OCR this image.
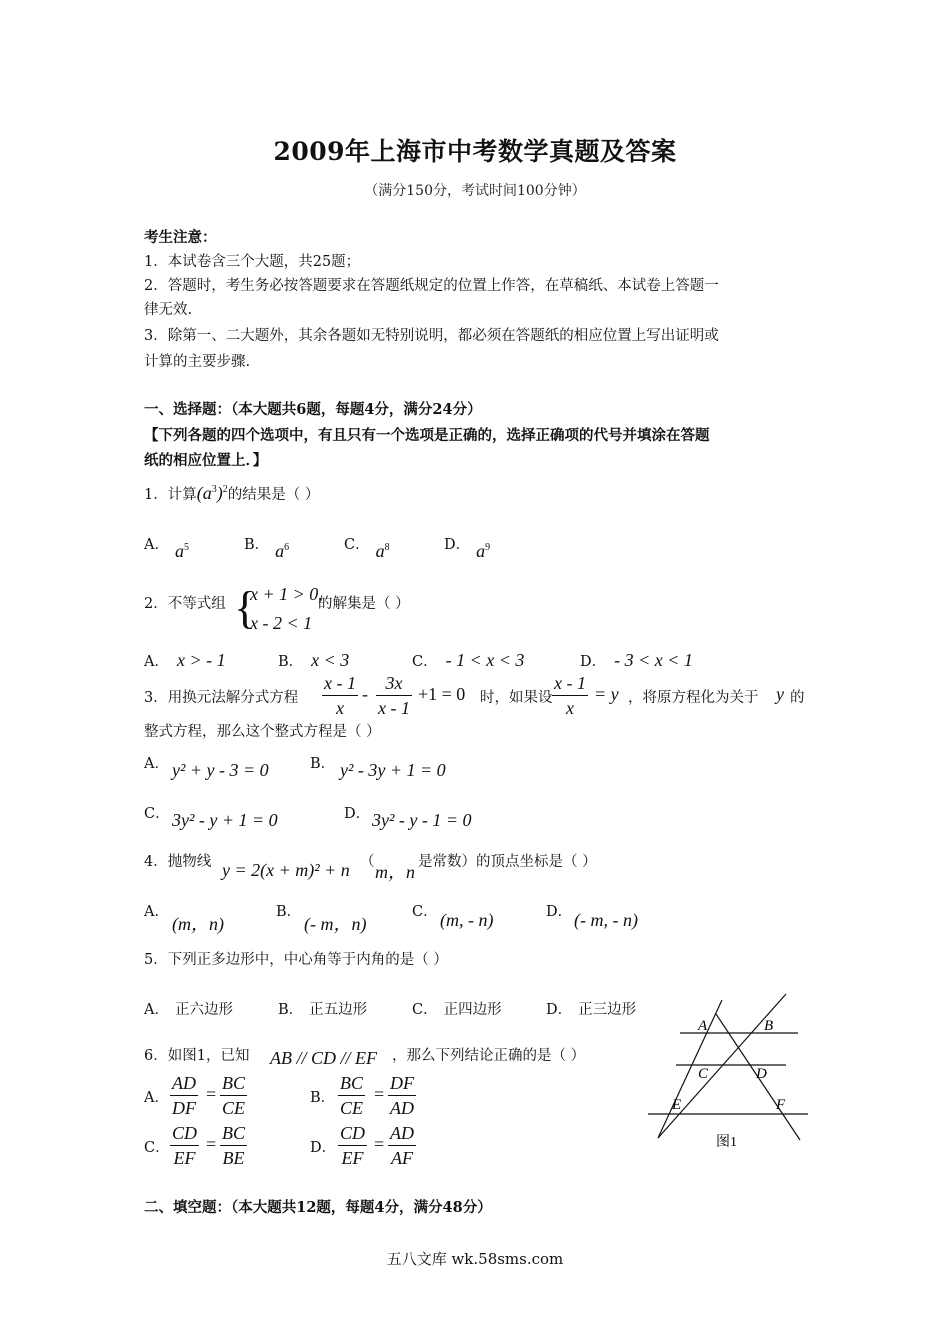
2009年上海市中考数学真题及答案
（满分150分，考试时间100分钟）
考生注意：
1．本试卷含三个大题，共25题；
2．答题时，考生务必按答题要求在答题纸规定的位置上作答，在草稿纸、本试卷上答题一
律无效.
3．除第一、二大题外，其余各题如无特别说明，都必须在答题纸的相应位置上写出证明或
计算的主要步骤.
一、选择题：（本大题共6题，每题4分，满分24分）
【下列各题的四个选项中，有且只有一个选项是正确的，选择正确项的代号并填涂在答题
纸的相应位置上．】
1．计算$(a^3)^2$的结果是（ ）
A． $a^5$	B． $a^6$	C． $a^8$	D． $a^9$
2．不等式组 {
x + 1 > 0,
x - 2 < 1
的解集是（ ）
A． x > - 1	B． x < 3	C． - 1 < x < 3	D． - 3 < x < 1
3．用换元法解分式方程 $\frac{x - 1}{x} - \frac{3x}{x - 1} +1 = 0$ 时，如果设 $\frac{x - 1}{x} = y$ ，将原方程化为关于 y 的
整式方程，那么这个整式方程是（ ）
A． y² + y - 3 = 0	B． y² - 3y + 1 = 0
C． 3y² - y + 1 = 0	D． 3y² - y - 1 = 0
4．抛物线 y = 2(x + m)² + n （ m，n 是常数）的顶点坐标是（ ）
A．
(m，n)
B．
(- m，n)
C． (m, - n)	D． (- m, - n)
5．下列正多边形中，中心角等于内角的是（ ）
A． 正六边形	B． 正五边形	C． 正四边形	D． 正三边形
6．如图1，已知 AB // CD // EF ，那么下列结论正确的是（ ）
A． $\frac{AD}{DF} = \frac{BC}{CE}$	B． $\frac{BC}{CE} = \frac{DF}{AD}$
C． $\frac{CD}{EF} = \frac{BC}{BE}$	D． $\frac{CD}{EF} = \frac{AD}{AF}$
A	B
C	D
E	F
图1
二、填空题：（本大题共12题，每题4分，满分48分）
五八文库 wk.58sms.com
